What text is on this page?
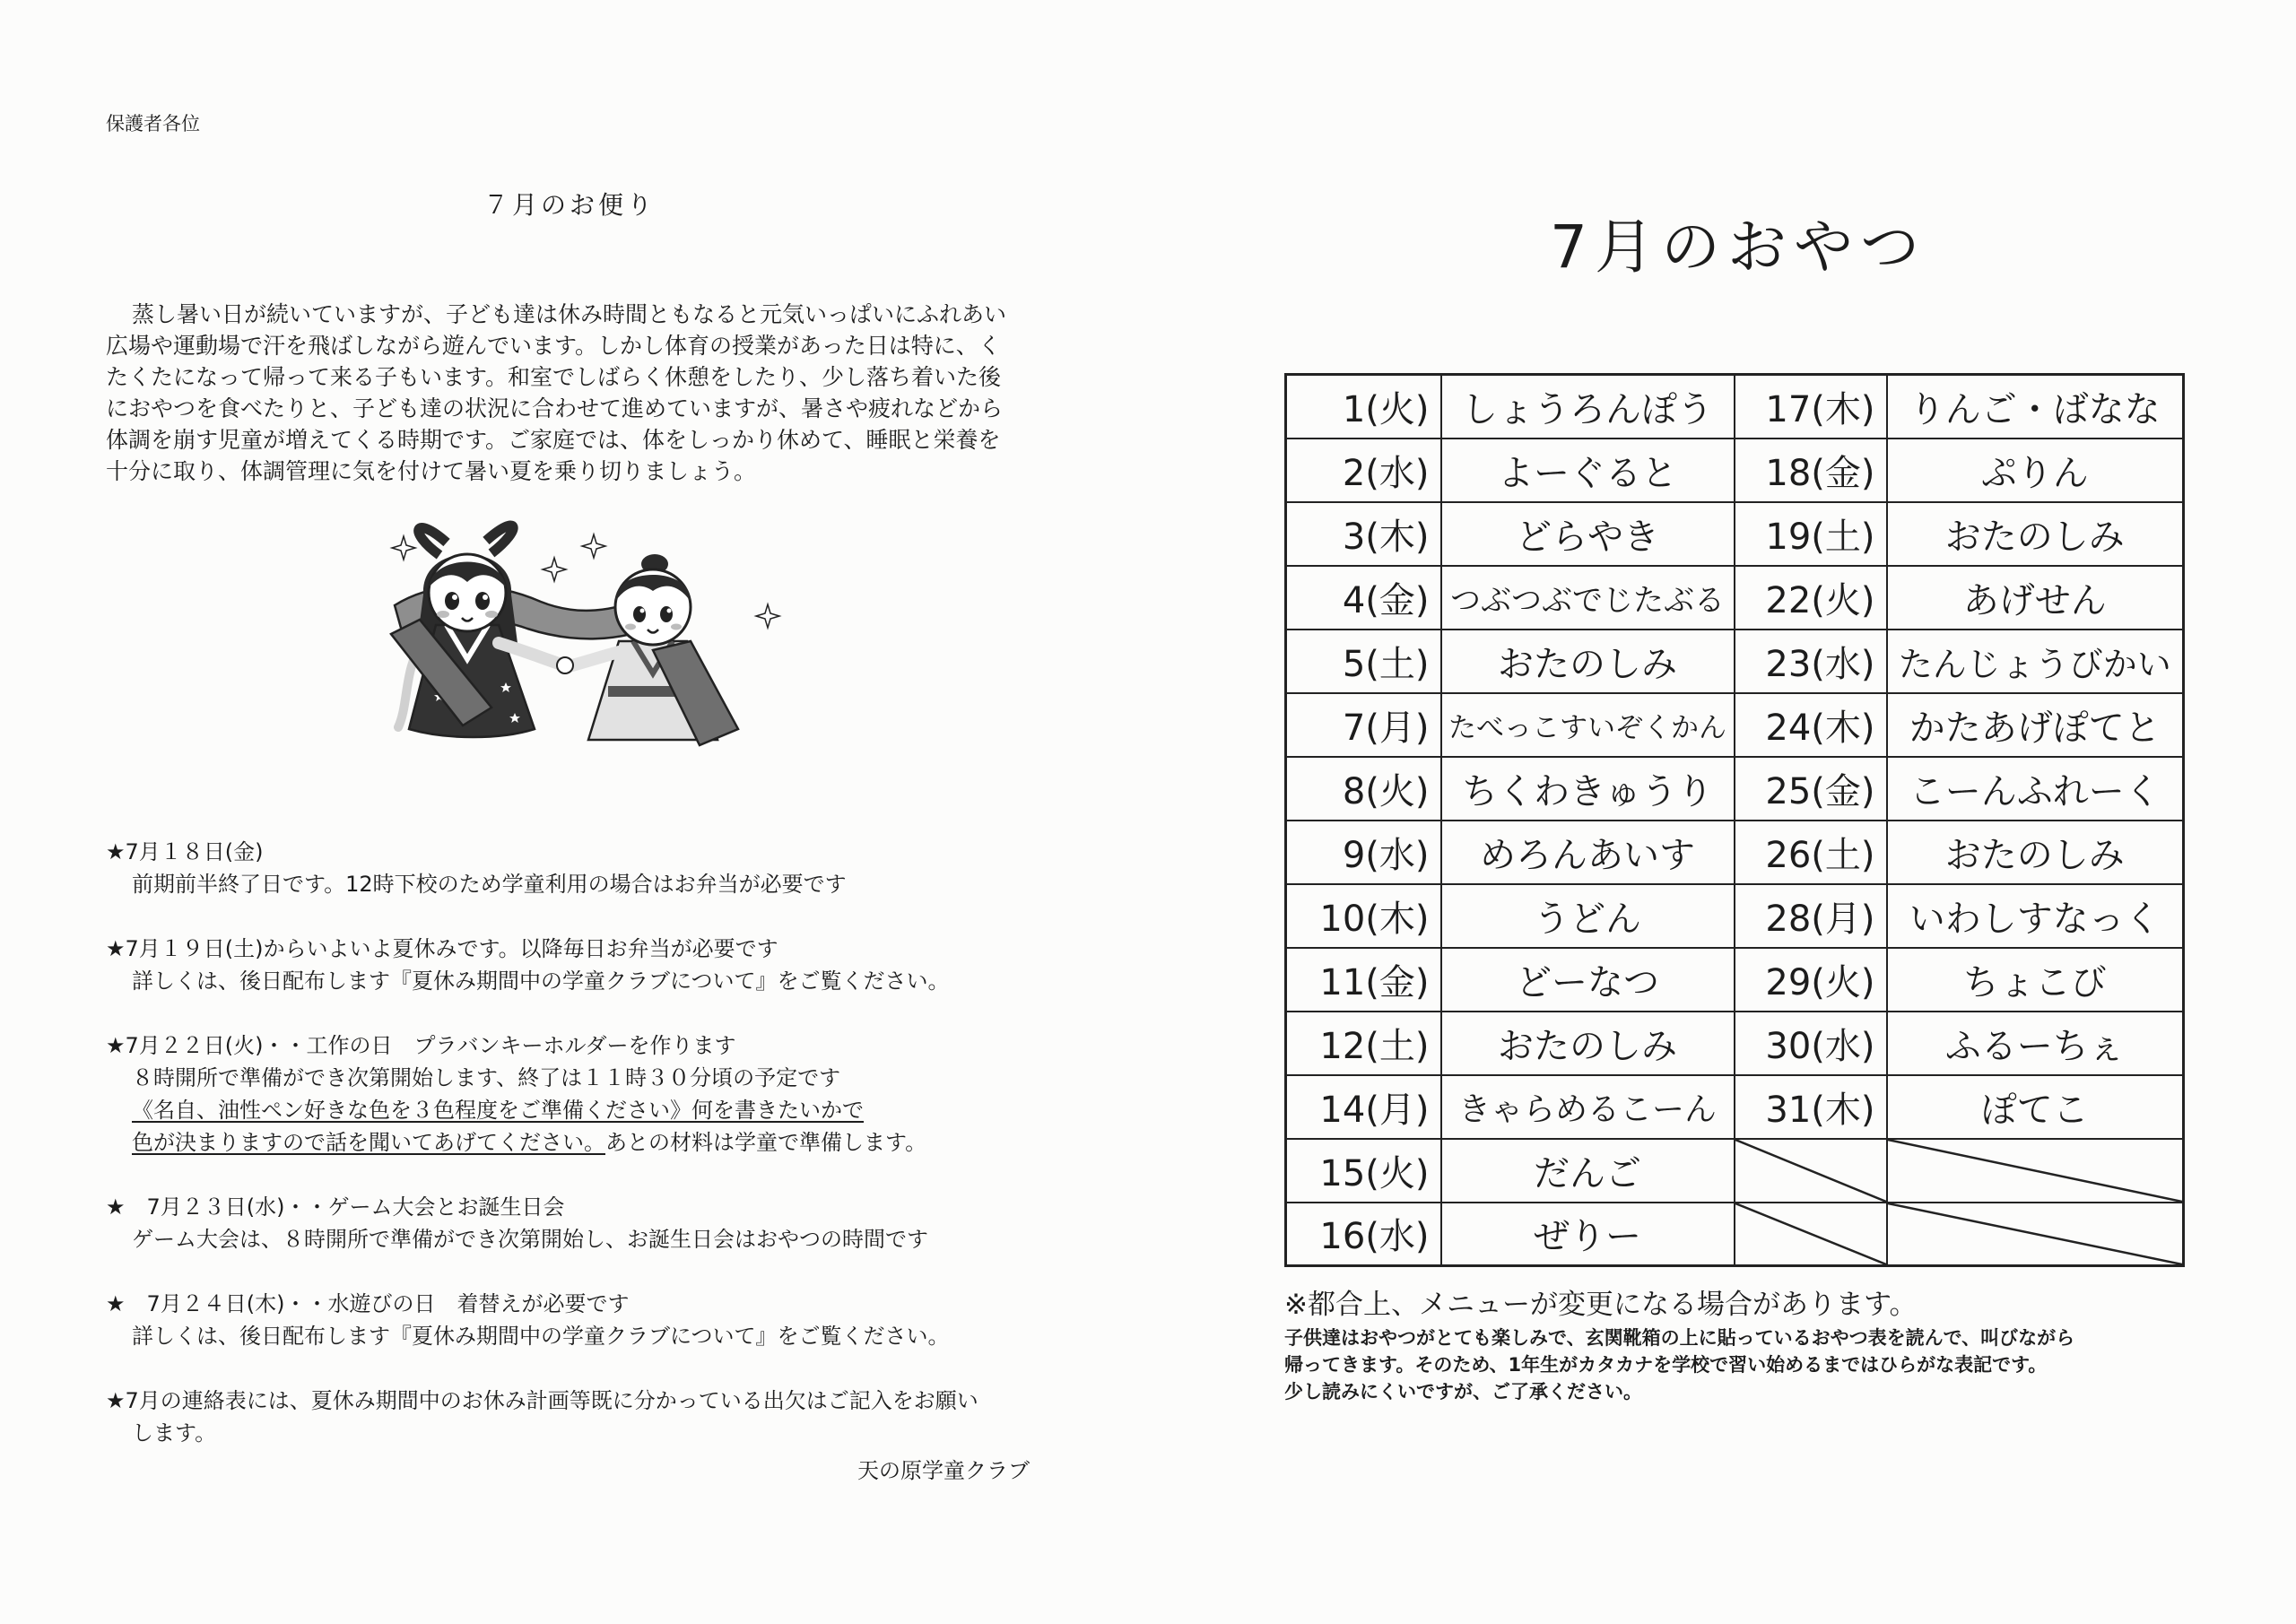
保護者各位
７月のお便り
蒸し暑い日が続いていますが、子ども達は休み時間ともなると元気いっぱいにふれあい
広場や運動場で汗を飛ばしながら遊んでいます。しかし体育の授業があった日は特に、く
たくたになって帰って来る子もいます。和室でしばらく休憩をしたり、少し落ち着いた後
におやつを食べたりと、子ども達の状況に合わせて進めていますが、暑さや疲れなどから
体調を崩す児童が増えてくる時期です。ご家庭では、体をしっかり休めて、睡眠と栄養を
十分に取り、体調管理に気を付けて暑い夏を乗り切りましょう。
★7月１８日(金)
前期前半終了日です。12時下校のため学童利用の場合はお弁当が必要です
★7月１９日(土)からいよいよ夏休みです。以降毎日お弁当が必要です
詳しくは、後日配布します『夏休み期間中の学童クラブについて』をご覧ください。
★7月２２日(火)・・工作の日　プラバンキーホルダーを作ります
８時開所で準備ができ次第開始します、終了は１１時３０分頃の予定です
《名自、油性ペン好きな色を３色程度をご準備ください》何を書きたいかで
色が決まりますので話を聞いてあげてください。あとの材料は学童で準備します。
★　7月２３日(水)・・ゲーム大会とお誕生日会
ゲーム大会は、８時開所で準備ができ次第開始し、お誕生日会はおやつの時間です
★　7月２４日(木)・・水遊びの日　着替えが必要です
詳しくは、後日配布します『夏休み期間中の学童クラブについて』をご覧ください。
★7月の連絡表には、夏休み期間中のお休み計画等既に分かっている出欠はご記入をお願い
します。
天の原学童クラブ
7月のおやつ
1(火)	しょうろんぽう	17(木)	りんご・ばなな
2(水)	よーぐると	18(金)	ぷりん
3(木)	どらやき	19(土)	おたのしみ
4(金)	つぶつぶでじたぶる	22(火)	あげせん
5(土)	おたのしみ	23(水)	たんじょうびかい
7(月)	たべっこすいぞくかん	24(木)	かたあげぽてと
8(火)	ちくわきゅうり	25(金)	こーんふれーく
9(水)	めろんあいす	26(土)	おたのしみ
10(木)	うどん	28(月)	いわしすなっく
11(金)	どーなつ	29(火)	ちょこび
12(土)	おたのしみ	30(水)	ふるーちぇ
14(月)	きゃらめるこーん	31(木)	ぽてこ
15(火)	だんご		
16(水)	ぜりー		
※都合上、メニューが変更になる場合があります。
子供達はおやつがとても楽しみで、玄関靴箱の上に貼っているおやつ表を読んで、叫びながら
帰ってきます。そのため、1年生がカタカナを学校で習い始めるまではひらがな表記です。
少し読みにくいですが、ご了承ください。
